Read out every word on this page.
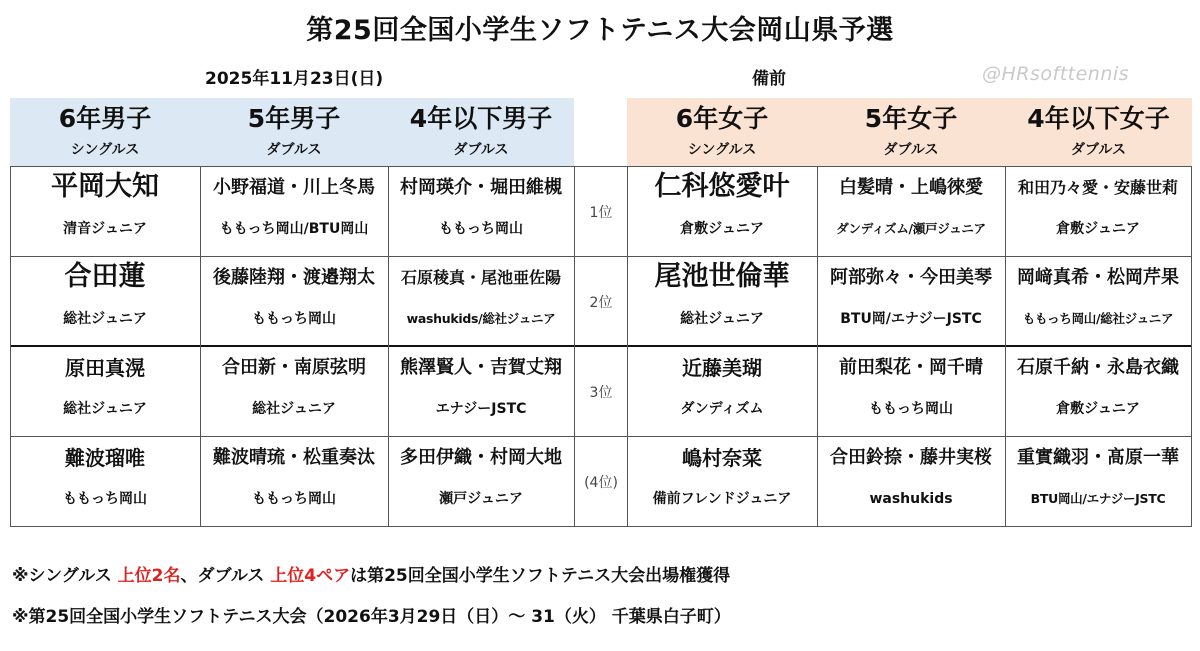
第25回全国小学生ソフトテニス大会岡山県予選
2025年11月23日(日)	備前	@HRsofttennis
6年男子
シングルス
5年男子
ダブルス
4年以下男子
ダブルス
6年女子
シングルス
5年女子
ダブルス
4年以下女子
ダブルス
1位
2位
3位
(4位)
平岡大知
清音ジュニア
小野福道・川上冬馬
ももっち岡山/BTU岡山
村岡瑛介・堀田維槻
ももっち岡山
仁科悠愛叶
倉敷ジュニア
白髪晴・上嶋徠愛
ダンディズム/瀬戸ジュニア
和田乃々愛・安藤世莉
倉敷ジュニア
合田蓮
総社ジュニア
後藤陸翔・渡邉翔太
ももっち岡山
石原稜真・尾池亜佐陽
washukids/総社ジュニア
尾池世倫華
総社ジュニア
阿部弥々・今田美琴
BTU岡/エナジーJSTC
岡﨑真希・松岡芹果
ももっち岡山/総社ジュニア
原田真滉
総社ジュニア
合田新・南原弦明
総社ジュニア
熊澤賢人・吉賀丈翔
エナジーJSTC
近藤美瑚
ダンディズム
前田梨花・岡千晴
ももっち岡山
石原千納・永島衣織
倉敷ジュニア
難波瑠唯
ももっち岡山
難波晴琉・松重奏汰
ももっち岡山
多田伊織・村岡大地
瀬戸ジュニア
嶋村奈菜
備前フレンドジュニア
合田鈴捺・藤井実桜
washukids
重實織羽・髙原一華
BTU岡山/エナジーJSTC
※シングルス 上位2名、ダブルス 上位4ペアは第25回全国小学生ソフトテニス大会出場権獲得
※第25回全国小学生ソフトテニス大会（2026年3月29日（日）～ 31（火） 千葉県白子町）
